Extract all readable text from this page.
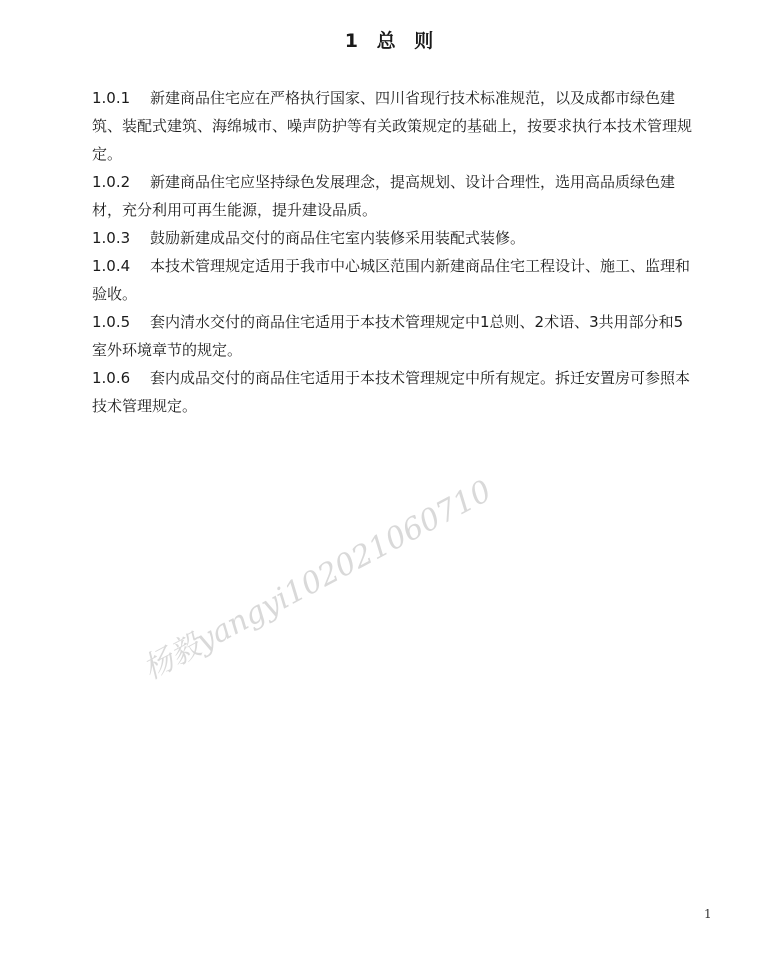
1 总 则
1.0.1 新建商品住宅应在严格执行国家、四川省现行技术标准规范，以及成都市绿色建筑、装配式建筑、海绵城市、噪声防护等有关政策规定的基础上，按要求执行本技术管理规定。
1.0.2 新建商品住宅应坚持绿色发展理念，提高规划、设计合理性，选用高品质绿色建材，充分利用可再生能源，提升建设品质。
1.0.3 鼓励新建成品交付的商品住宅室内装修采用装配式装修。
1.0.4 本技术管理规定适用于我市中心城区范围内新建商品住宅工程设计、施工、监理和验收。
1.0.5 套内清水交付的商品住宅适用于本技术管理规定中1总则、2术语、3共用部分和5室外环境章节的规定。
1.0.6 套内成品交付的商品住宅适用于本技术管理规定中所有规定。拆迁安置房可参照本技术管理规定。
杨毅yangyi102021060710
1
